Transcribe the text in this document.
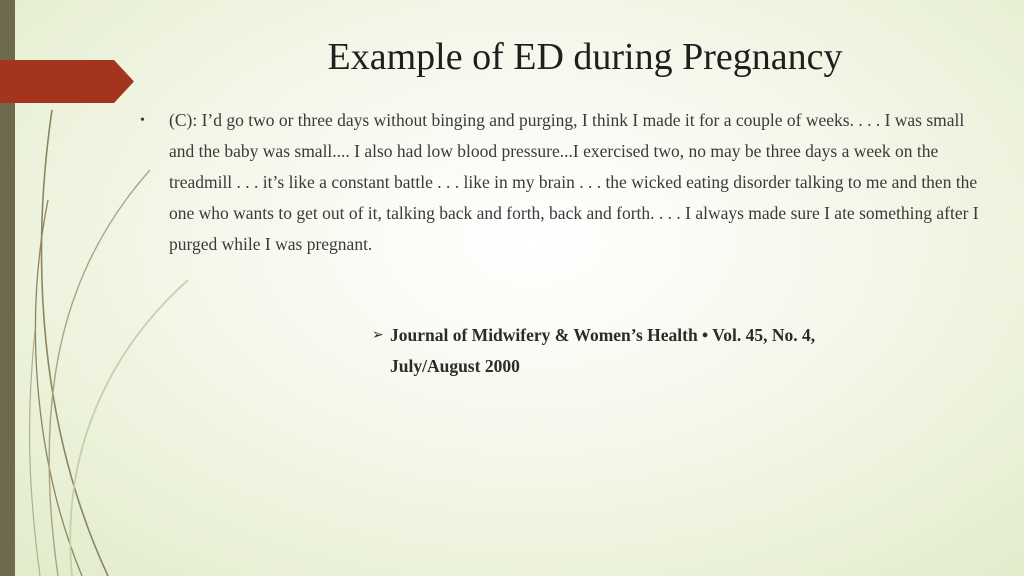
Example of ED during Pregnancy
•	(C): I’d go two or three days without binging and purging, I think I made it for a couple of weeks. . . . I was small and the baby was small.... I also had low blood pressure...I exercised two, no may be three days a week on the treadmill . . . it’s like a constant battle . . . like in my brain . . . the wicked eating disorder talking to me and then the one who wants to get out of it, talking back and forth, back and forth. . . . I always made sure I ate something after I purged while I was pregnant.
➢ Journal of Midwifery & Women’s Health • Vol. 45, No. 4,
July/August 2000
